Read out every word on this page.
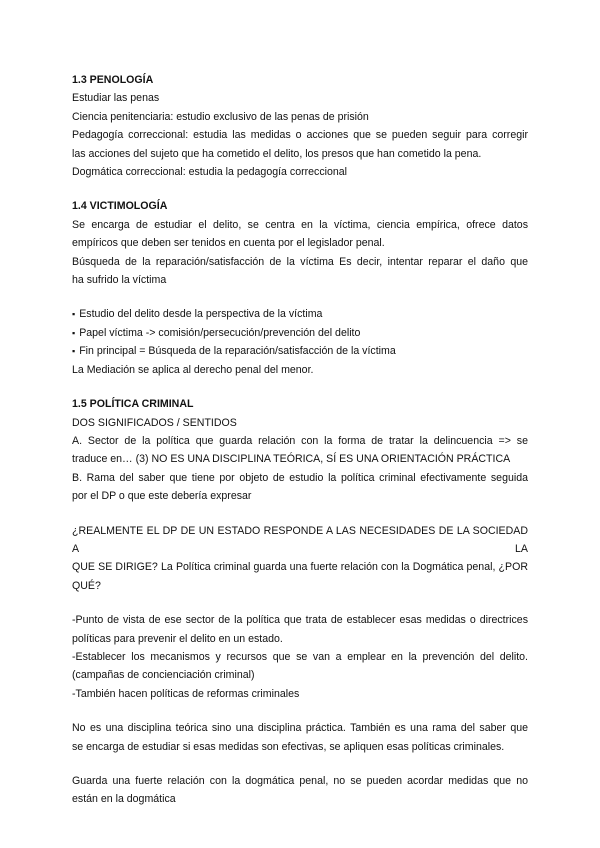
1.3 PENOLOGÍA
Estudiar las penas
Ciencia penitenciaria: estudio exclusivo de las penas de prisión
Pedagogía correccional: estudia las medidas o acciones que se pueden seguir para corregir
las acciones del sujeto que ha cometido el delito, los presos que han cometido la pena.
Dogmática correccional: estudia la pedagogía correccional
1.4 VICTIMOLOGÍA
Se encarga de estudiar el delito, se centra en la víctima, ciencia empírica, ofrece datos
empíricos que deben ser tenidos en cuenta por el legislador penal.
Búsqueda de la reparación/satisfacción de la víctima Es decir, intentar reparar el daño que
ha sufrido la víctima
▪ Estudio del delito desde la perspectiva de la víctima
▪ Papel víctima -> comisión/persecución/prevención del delito
▪ Fin principal = Búsqueda de la reparación/satisfacción de la víctima
La Mediación se aplica al derecho penal del menor.
1.5 POLÍTICA CRIMINAL
DOS SIGNIFICADOS / SENTIDOS
A. Sector de la política que guarda relación con la forma de tratar la delincuencia => se
traduce en… (3) NO ES UNA DISCIPLINA TEÓRICA, SÍ ES UNA ORIENTACIÓN PRÁCTICA
B. Rama del saber que tiene por objeto de estudio la política criminal efectivamente seguida
por el DP o que este debería expresar
¿REALMENTE EL DP DE UN ESTADO RESPONDE A LAS NECESIDADES DE LA SOCIEDAD A LA
QUE SE DIRIGE? La Política criminal guarda una fuerte relación con la Dogmática penal, ¿POR
QUÉ?
-Punto de vista de ese sector de la política que trata de establecer esas medidas o directrices
políticas para prevenir el delito en un estado.
-Establecer los mecanismos y recursos que se van a emplear en la prevención del delito.
(campañas de concienciación criminal)
-También hacen políticas de reformas criminales
No es una disciplina teórica sino una disciplina práctica. También es una rama del saber que
se encarga de estudiar si esas medidas son efectivas, se apliquen esas políticas criminales.
Guarda una fuerte relación con la dogmática penal, no se pueden acordar medidas que no
están en la dogmática
